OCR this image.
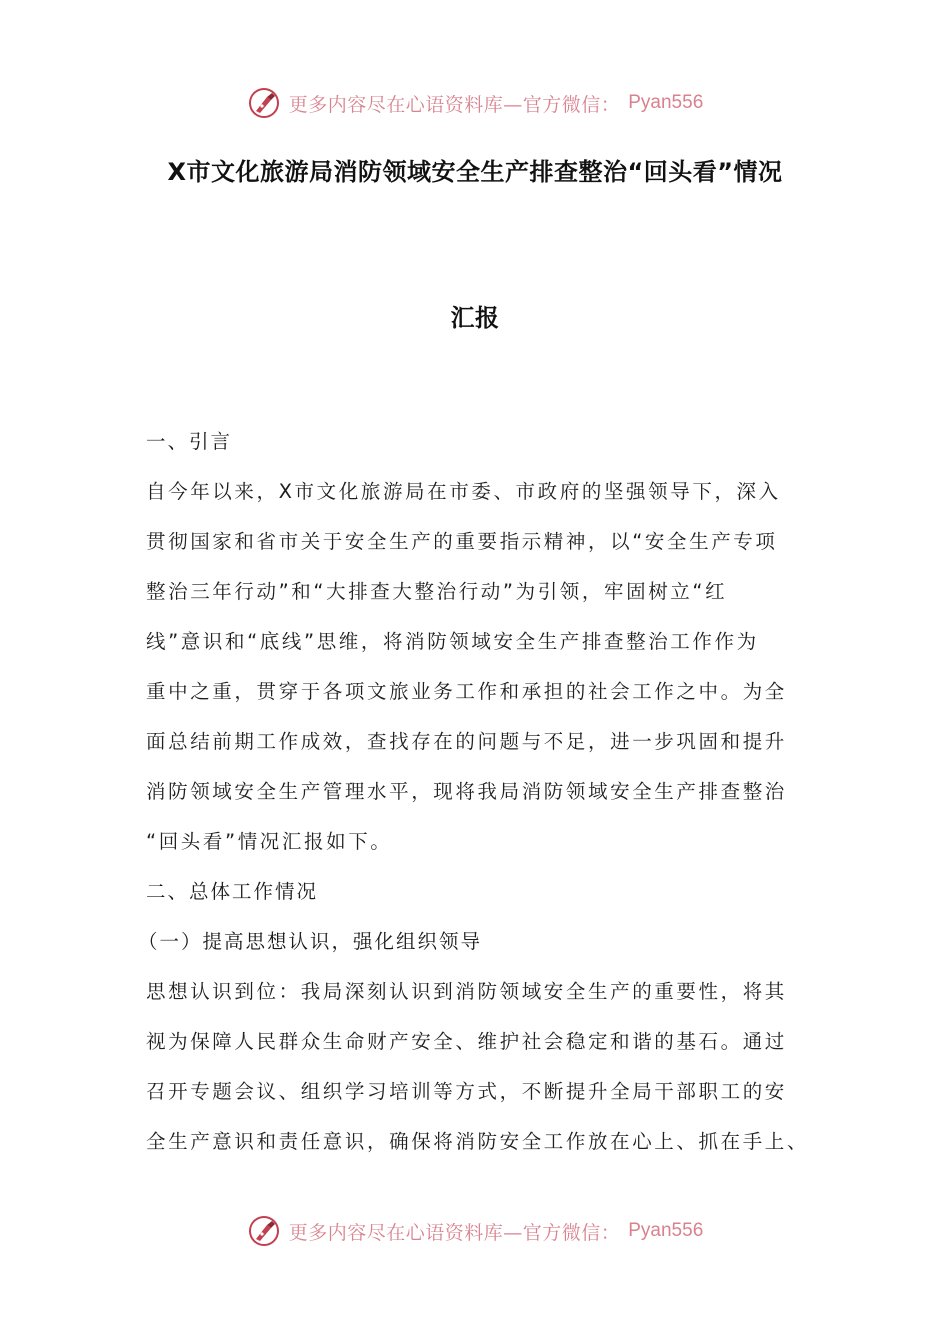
更多内容尽在心语资料库—官方微信： Pyan556
X市文化旅游局消防领域安全生产排查整治“回头看”情况
汇报

一、引言

自今年以来，X市文化旅游局在市委、市政府的坚强领导下，深入

贯彻国家和省市关于安全生产的重要指示精神，以“安全生产专项

整治三年行动”和“大排查大整治行动”为引领，牢固树立“红

线”意识和“底线”思维，将消防领域安全生产排查整治工作作为

重中之重，贯穿于各项文旅业务工作和承担的社会工作之中。为全

面总结前期工作成效，查找存在的问题与不足，进一步巩固和提升

消防领域安全生产管理水平，现将我局消防领域安全生产排查整治

“回头看”情况汇报如下。

二、总体工作情况

（一）提高思想认识，强化组织领导

思想认识到位：我局深刻认识到消防领域安全生产的重要性，将其

视为保障人民群众生命财产安全、维护社会稳定和谐的基石。通过

召开专题会议、组织学习培训等方式，不断提升全局干部职工的安

全生产意识和责任意识，确保将消防安全工作放在心上、抓在手上、

更多内容尽在心语资料库—官方微信： Pyan556
